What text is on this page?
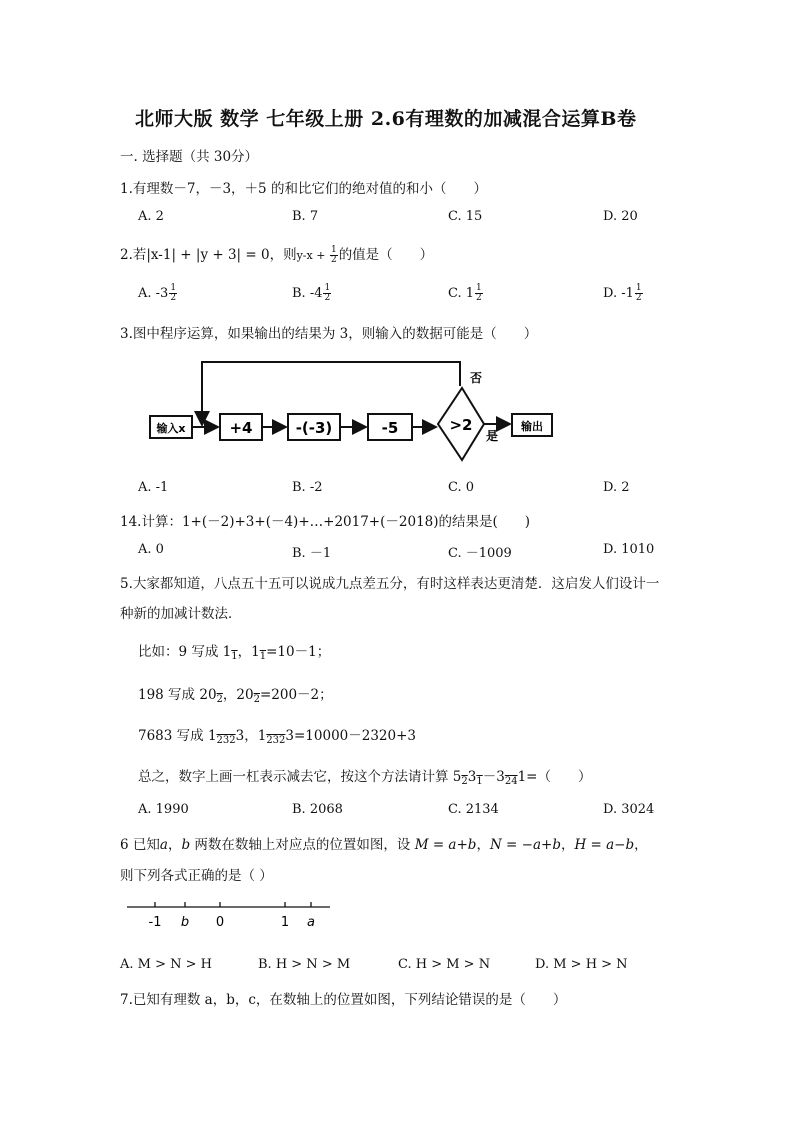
北师大版 数学 七年级上册 2.6有理数的加减混合运算B卷
一. 选择题（共 30分）
1.有理数－7，－3，＋5 的和比它们的绝对值的和小（　　）
A. 2	B. 7	C. 15	D. 20
2.若|x-1| + |y + 3| = 0，则$y-x + \frac{1}{2}$ 的值是（　　）
A. $-3 \frac{1}{2}$	B. $-4 \frac{1}{2}$	C. $1 \frac{1}{2}$	D. $-1 \frac{1}{2}$
3.图中程序运算，如果输出的结果为 3，则输入的数据可能是（　　）
输入x	+4	-(-3)	-5	>2
否
是
输出
A. -1	B. -2	C. 0	D. 2
14.计算：1+(－2)+3+(－4)+…+2017+(－2018)的结果是(　　)
A. 0	B. －1	C. －1009	D. 1010
5.大家都知道，八点五十五可以说成九点差五分，有时这样表达更清楚．这启发人们设计一
种新的加减计数法．
比如：9 写成 $1_1$，$1_1=10-1$；
198 写成 $20_2$，$20_2=200-2$；
7683 写成 $1_{232}3$，$1_{232}3=10000-2320+3$
总之，数字上画一杠表示减去它，按这个方法请计算 $5_23_1-3_{24}1=$（　　）
A. 1990	B. 2068	C. 2134	D. 3024
6 已知a，b 两数在数轴上对应点的位置如图，设 M = a+b，N = −a+b，H = a−b，
则下列各式正确的是（ ）
-1 b 0	1 a
A. M > N > H	B. H > N > M	C. H > M > N	D. M > H > N
7.已知有理数 a，b，c，在数轴上的位置如图，下列结论错误的是（　　）
